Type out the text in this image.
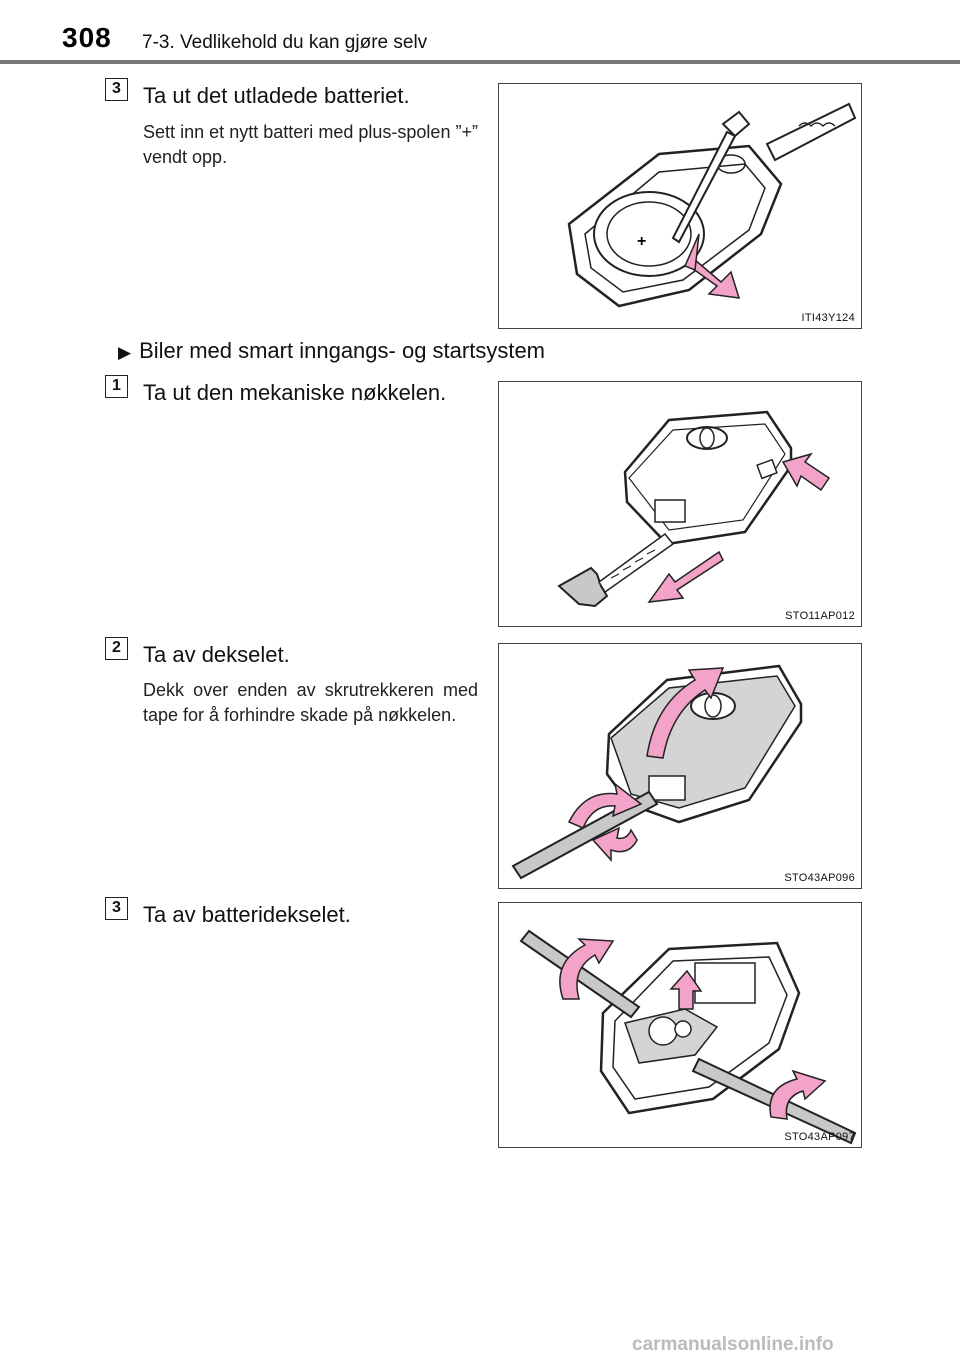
308 7-3. Vedlikehold du kan gjøre selv
3	Ta ut det utladede batteriet.
Sett inn et nytt batteri med plus-spolen ”+” vendt opp.
+
ITI43Y124
▶ Biler med smart inngangs- og startsystem
1	Ta ut den mekaniske nøkkelen.
STO11AP012
2	Ta av dekselet.
Dekk over enden av skrutrekkeren med tape for å forhindre skade på nøkkelen.
STO43AP096
3	Ta av batteridekselet.
STO43AP097
carmanualsonline.info
